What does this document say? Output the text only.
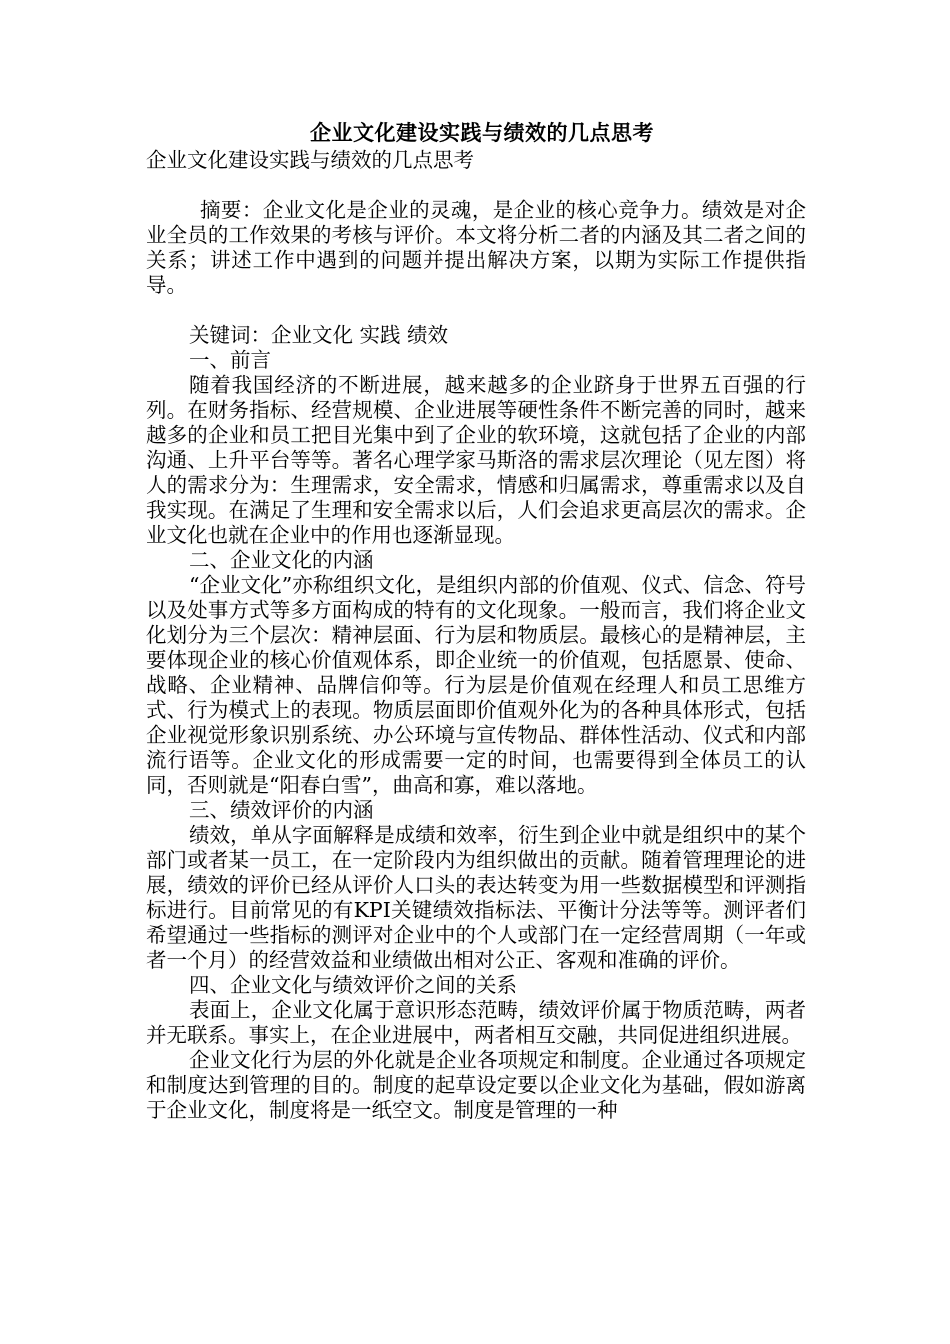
企业文化建设实践与绩效的几点思考

企业文化建设实践与绩效的几点思考

摘要：企业文化是企业的灵魂，是企业的核心竞争力。绩效是对企业全员的工作效果的考核与评价。本文将分析二者的内涵及其二者之间的关系；讲述工作中遇到的问题并提出解决方案，以期为实际工作提供指导。

关键词：企业文化 实践 绩效

一、前言

随着我国经济的不断进展，越来越多的企业跻身于世界五百强的行列。在财务指标、经营规模、企业进展等硬性条件不断完善的同时，越来越多的企业和员工把目光集中到了企业的软环境，这就包括了企业的内部沟通、上升平台等等。著名心理学家马斯洛的需求层次理论（见左图）将人的需求分为：生理需求，安全需求，情感和归属需求，尊重需求以及自我实现。在满足了生理和安全需求以后，人们会追求更高层次的需求。企业文化也就在企业中的作用也逐渐显现。

二、企业文化的内涵

“企业文化”亦称组织文化，是组织内部的价值观、仪式、信念、符号以及处事方式等多方面构成的特有的文化现象。一般而言，我们将企业文化划分为三个层次：精神层面、行为层和物质层。最核心的是精神层，主要体现企业的核心价值观体系，即企业统一的价值观，包括愿景、使命、战略、企业精神、品牌信仰等。行为层是价值观在经理人和员工思维方式、行为模式上的表现。物质层面即价值观外化为的各种具体形式，包括企业视觉形象识别系统、办公环境与宣传物品、群体性活动、仪式和内部流行语等。企业文化的形成需要一定的时间，也需要得到全体员工的认同，否则就是“阳春白雪”，曲高和寡，难以落地。

三、绩效评价的内涵

绩效，单从字面解释是成绩和效率，衍生到企业中就是组织中的某个部门或者某一员工，在一定阶段内为组织做出的贡献。随着管理理论的进展，绩效的评价已经从评价人口头的表达转变为用一些数据模型和评测指标进行。目前常见的有KPI关键绩效指标法、平衡计分法等等。测评者们希望通过一些指标的测评对企业中的个人或部门在一定经营周期（一年或者一个月）的经营效益和业绩做出相对公正、客观和准确的评价。

四、企业文化与绩效评价之间的关系

表面上，企业文化属于意识形态范畴，绩效评价属于物质范畴，两者并无联系。事实上，在企业进展中，两者相互交融，共同促进组织进展。

企业文化行为层的外化就是企业各项规定和制度。企业通过各项规定和制度达到管理的目的。制度的起草设定要以企业文化为基础，假如游离于企业文化，制度将是一纸空文。制度是管理的一种
